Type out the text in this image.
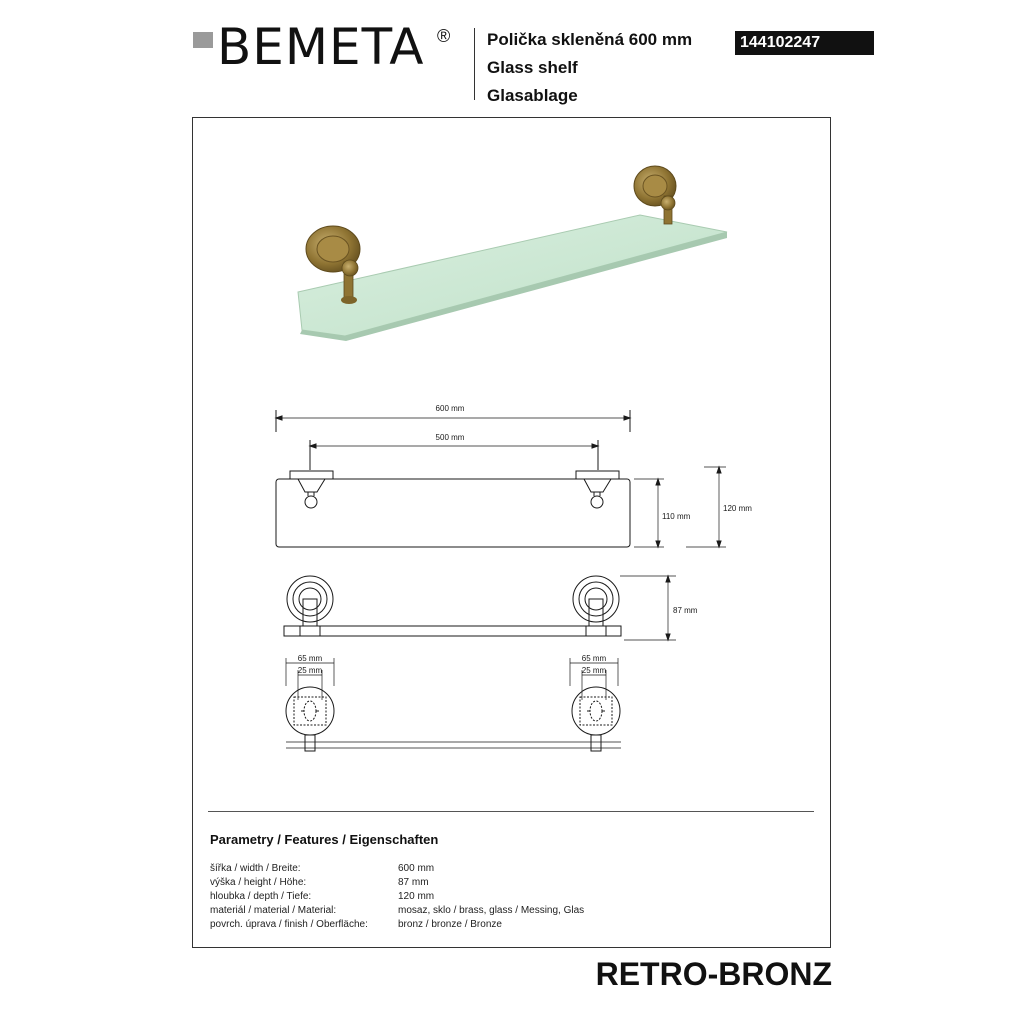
BEMETA ® Polička skleněná 600 mm
Glass shelf
Glasablage
144102247
600 mm
500 mm
110 mm
120 mm
87 mm
65 mm
25 mm
65 mm
25 mm
Parametry / Features / Eigenschaften
šířka / width / Breite:	600 mm
výška / height / Höhe:	87 mm
hloubka / depth / Tiefe:	120 mm
materiál / material / Material:	mosaz, sklo / brass, glass / Messing, Glas
povrch. úprava / finish / Oberfläche:	bronz / bronze / Bronze
RETRO-BRONZ
